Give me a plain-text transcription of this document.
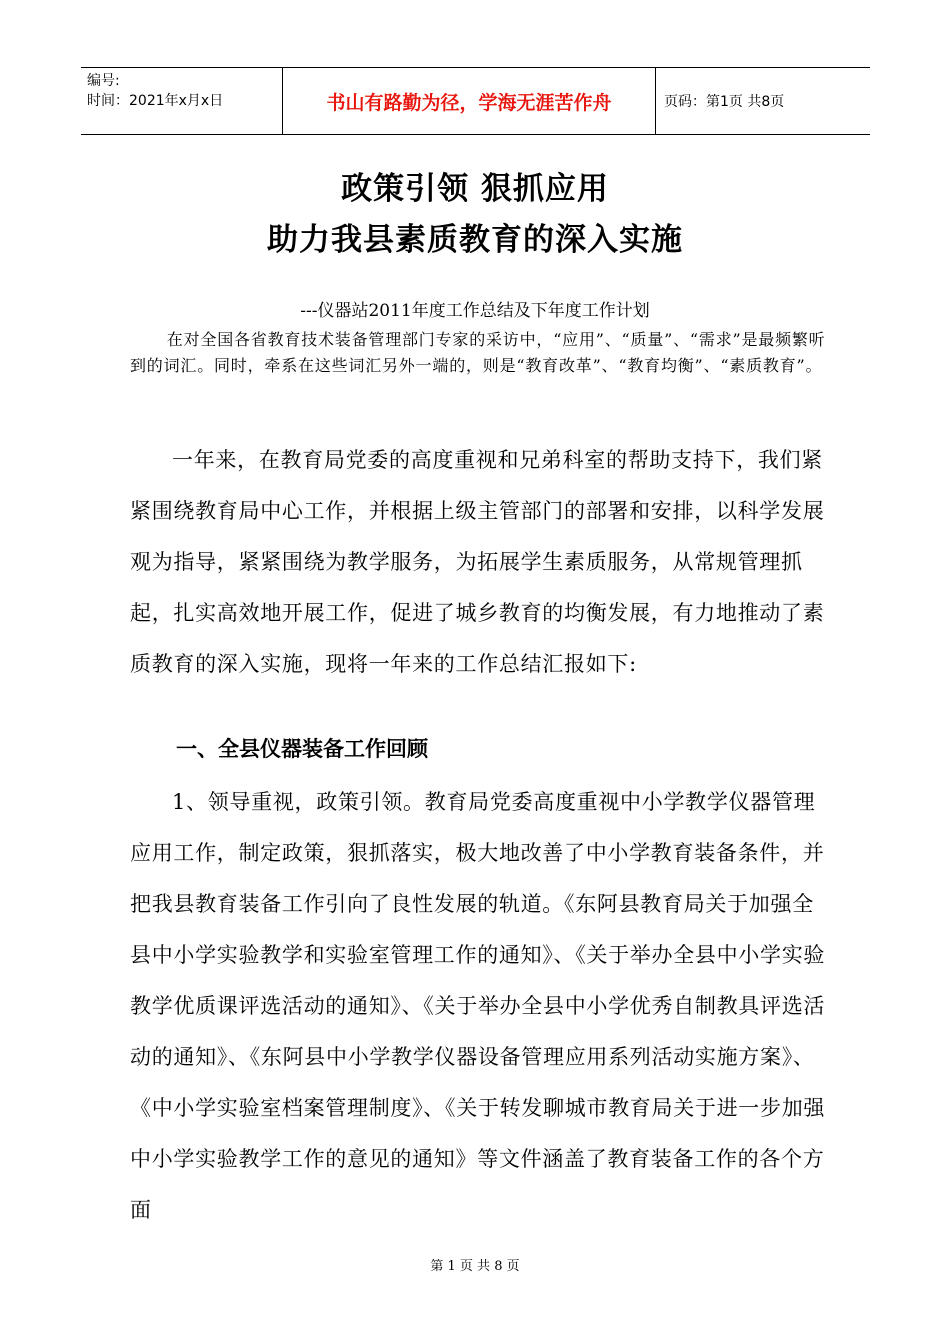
编号:
时间：2021年x月x日	书山有路勤为径，学海无涯苦作舟	页码：第1页 共8页
政策引领 狠抓应用
助力我县素质教育的深入实施
---仪器站2011年度工作总结及下年度工作计划

在对全国各省教育技术装备管理部门专家的采访中，“应用”、“质量”、“需求”是最频繁听到的词汇。同时，牵系在这些词汇另外一端的，则是“教育改革”、“教育均衡”、“素质教育”。

一年来，在教育局党委的高度重视和兄弟科室的帮助支持下，我们紧紧围绕教育局中心工作，并根据上级主管部门的部署和安排，以科学发展观为指导，紧紧围绕为教学服务，为拓展学生素质服务，从常规管理抓起，扎实高效地开展工作，促进了城乡教育的均衡发展，有力地推动了素质教育的深入实施，现将一年来的工作总结汇报如下:

一、全县仪器装备工作回顾

1、领导重视，政策引领。教育局党委高度重视中小学教学仪器管理应用工作，制定政策，狠抓落实，极大地改善了中小学教育装备条件，并把我县教育装备工作引向了良性发展的轨道。《东阿县教育局关于加强全县中小学实验教学和实验室管理工作的通知》、《关于举办全县中小学实验教学优质课评选活动的通知》、《关于举办全县中小学优秀自制教具评选活动的通知》、《东阿县中小学教学仪器设备管理应用系列活动实施方案》、《中小学实验室档案管理制度》、《关于转发聊城市教育局关于进一步加强中小学实验教学工作的意见的通知》等文件涵盖了教育装备工作的各个方面

第 1 页 共 8 页
